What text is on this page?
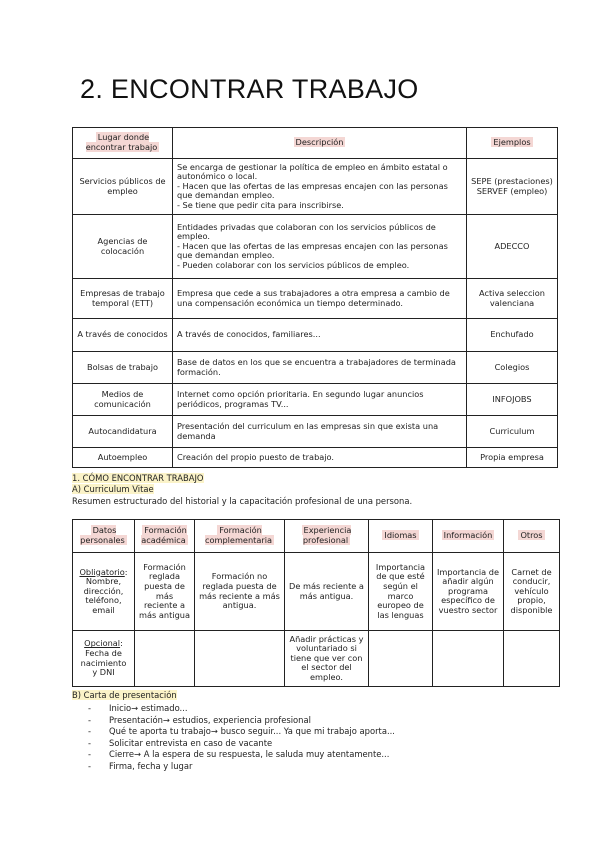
2. ENCONTRAR TRABAJO
Lugar donde encontrar trabajo	Descripción	Ejemplos
Servicios públicos de empleo	Se encarga de gestionar la política de empleo en ámbito estatal o autonómico o local.
- Hacen que las ofertas de las empresas encajen con las personas que demandan empleo.
- Se tiene que pedir cita para inscribirse.	SEPE (prestaciones) SERVEF (empleo)
Agencias de colocación	Entidades privadas que colaboran con los servicios públicos de empleo.
- Hacen que las ofertas de las empresas encajen con las personas que demandan empleo.
- Pueden colaborar con los servicios públicos de empleo.	ADECCO
Empresas de trabajo temporal (ETT)	Empresa que cede a sus trabajadores a otra empresa a cambio de una compensación económica un tiempo determinado.	Activa seleccion valenciana
A través de conocidos	A través de conocidos, familiares...	Enchufado
Bolsas de trabajo	Base de datos en los que se encuentra a trabajadores de terminada formación.	Colegios
Medios de comunicación	Internet como opción prioritaria. En segundo lugar anuncios periódicos, programas TV...	INFOJOBS
Autocandidatura	Presentación del curriculum en las empresas sin que exista una demanda	Curriculum
Autoempleo	Creación del propio puesto de trabajo.	Propia empresa
1. CÓMO ENCONTRAR TRABAJO
A) Curriculum Vitae
Resumen estructurado del historial y la capacitación profesional de una persona.
Datos personales	Formación académica	Formación complementaria	Experiencia profesional	Idiomas	Información	Otros
Obligatorio: Nombre, dirección, teléfono, email	Formación reglada puesta de más reciente a más antigua	Formación no reglada puesta de más reciente a más antigua.	De más reciente a más antigua.	Importancia de que esté según el marco europeo de las lenguas	Importancia de añadir algún programa específico de vuestro sector	Carnet de conducir, vehículo propio, disponible
Opcional: Fecha de nacimiento y DNI			Añadir prácticas y voluntariado si tiene que ver con el sector del empleo.			
B) Carta de presentación
- Inicio→ estimado...
- Presentación→ estudios, experiencia profesional
- Qué te aporta tu trabajo→ busco seguir... Ya que mi trabajo aporta...
- Solicitar entrevista en caso de vacante
- Cierre→ A la espera de su respuesta, le saluda muy atentamente...
- Firma, fecha y lugar
